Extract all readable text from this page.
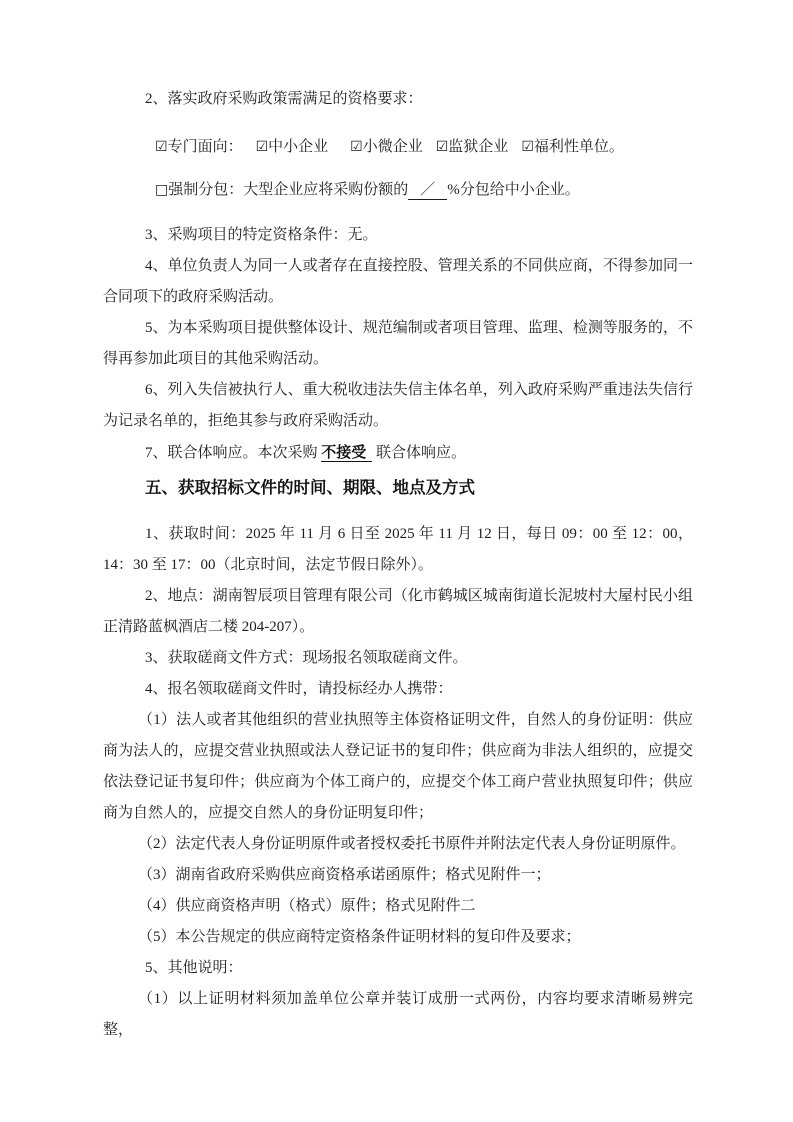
2、落实政府采购政策需满足的资格要求：

☑专门面向： ☑中小企业 ☑小微企业 ☑监狱企业 ☑福利性单位。

□强制分包：大型企业应将采购份额的 ／ %分包给中小企业。

3、采购项目的特定资格条件：无。

4、单位负责人为同一人或者存在直接控股、管理关系的不同供应商，不得参加同一合同项下的政府采购活动。

5、为本采购项目提供整体设计、规范编制或者项目管理、监理、检测等服务的，不得再参加此项目的其他采购活动。

6、列入失信被执行人、重大税收违法失信主体名单，列入政府采购严重违法失信行为记录名单的，拒绝其参与政府采购活动。

7、联合体响应。本次采购 不接受 联合体响应。

五、获取招标文件的时间、期限、地点及方式

1、获取时间：2025 年 11 月 6 日至 2025 年 11 月 12 日，每日 09：00 至 12：00，14：30 至 17：00（北京时间，法定节假日除外）。

2、地点：湖南智辰项目管理有限公司（化市鹤城区城南街道长泥坡村大屋村民小组正清路蓝枫酒店二楼 204-207）。

3、获取磋商文件方式：现场报名领取磋商文件。

4、报名领取磋商文件时，请投标经办人携带：

（1）法人或者其他组织的营业执照等主体资格证明文件，自然人的身份证明：供应商为法人的，应提交营业执照或法人登记证书的复印件；供应商为非法人组织的，应提交依法登记证书复印件；供应商为个体工商户的，应提交个体工商户营业执照复印件；供应商为自然人的，应提交自然人的身份证明复印件；

（2）法定代表人身份证明原件或者授权委托书原件并附法定代表人身份证明原件。

（3）湖南省政府采购供应商资格承诺函原件；格式见附件一；

（4）供应商资格声明（格式）原件；格式见附件二

（5）本公告规定的供应商特定资格条件证明材料的复印件及要求；

5、其他说明：

（1）以上证明材料须加盖单位公章并装订成册一式两份，内容均要求清晰易辨完整，
